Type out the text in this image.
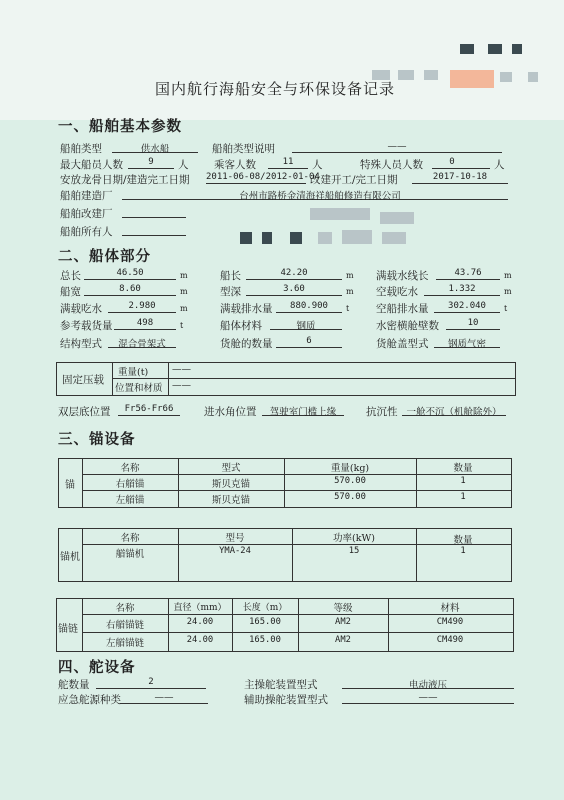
国内航行海船安全与环保设备记录
一、船舶基本参数
船舶类型	供水船	船舶类型说明	——
最大船员人数	9	人 乘客人数	11	人	特殊人员人数	0	人
安放龙骨日期/建造完工日期 2011-06-08/2012-01-04
改建开工/完工日期	2017-10-18
船舶建造厂	台州市路桥金清海祥船舶修造有限公司
船舶改建厂
船舶所有人
二、船体部分
总长	46.50	m	船长	42.20	m 满载水线长	43.76	m
船宽	8.60	m	型深	3.60	m 空载吃水	1.332	m
满载吃水	2.980	m	满载排水量	880.900	t	空船排水量	302.040	t
参考载货量	498	t	船体材料	钢质	水密横舱壁数	10
结构型式	混合骨架式	货舱的数量	6	货舱盖型式	钢质气密
固定压载
重量(t)	——
位置和材质 ——
双层底位置	Fr56-Fr66	进水角位置	驾驶室门槛上缘	抗沉性 一舱不沉（机舱除外）
三、锚设备
锚
名称	型式	重量(kg)	数量
右艏锚	斯贝克锚	570.00	1
左艏锚	斯贝克锚	570.00	1
锚机
名称	型号	功率(kW)	数量
艏锚机	YMA-24	15	1
锚链
名称	直径（mm）	长度（m）	等级	材料
右艏锚链	24.00	165.00	AM2	CM490
左艏锚链	24.00	165.00	AM2	CM490
四、舵设备
舵数量	2	主操舵装置型式	电动液压
应急舵源种类	——	辅助操舵装置型式	——
